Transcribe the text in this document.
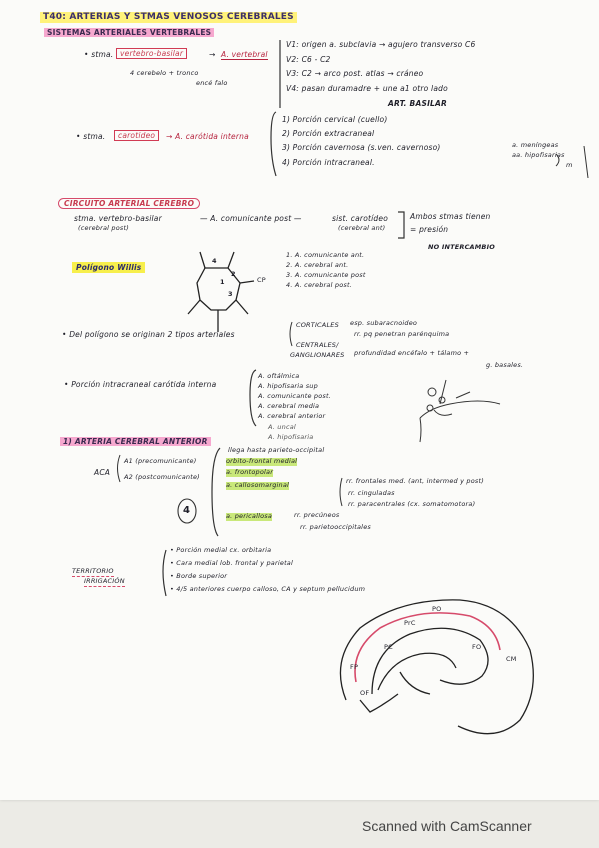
T40: ARTERIAS Y STMAS VENOSOS CEREBRALES
SISTEMAS ARTERIALES VERTEBRALES
• stma. vertebro-basilar	→ A. vertebral
4 cerebelo + tronco
encé falo
V1: origen a. subclavia → agujero transverso C6
V2: C6 - C2
V3: C2 → arco post. atlas → cráneo
V4: pasan duramadre + une a1 otro lado
ART. BASILAR
• stma.	carotideo	→ A. carótida interna
1) Porción cervical (cuello)
2) Porción extracraneal
3) Porción cavernosa (s.ven. cavernoso)
4) Porción intracraneal.
a. meníngeas
aa. hipofisarias
m
CIRCUITO ARTERIAL CEREBRO
stma. vertebro-basilar
(cerebral post)
— A. comunicante post —	sist. carotídeo
(cerebral ant)
Ambos stmas tienen
= presión
NO INTERCAMBIO
Polígono Willis
4
2
1
3
CP
1. A. comunicante ant.
2. A. cerebral ant.
3. A. comunicante post
4. A. cerebral post.
• Del polígono se originan 2 tipos arteriales
CORTICALES esp. subaracnoideo
rr. pq penetran parénquima
CENTRALES/
GANGLIONARES profundidad encéfalo + tálamo +
g. basales.
• Porción intracraneal carótida interna
A. oftálmica
A. hipofisaria sup
A. comunicante post.
A. cerebral media
A. cerebral anterior
A. uncal
A. hipofisaria
1) ARTERIA CEREBRAL ANTERIOR
ACA
A1 (precomunicante)
A2 (postcomunicante)
llega hasta parieto-occipital
orbito-frontal medial
a. frontopolar
a. callosomarginal	rr. frontales med. (ant, intermed y post)
rr. cinguladas
rr. paracentrales (cx. somatomotora)
4	a. pericallosa	rr. precúneos
rr. parietooccipitales
TERRITORIO
IRRIGACIÓN
• Porción medial cx. orbitaria
• Cara medial lob. frontal y parietal
• Borde superior
• 4/5 anteriores cuerpo calloso, CA y septum pellucidum
PO
PrC
FP
PC
CM
FO
OF
Scanned with CamScanner
